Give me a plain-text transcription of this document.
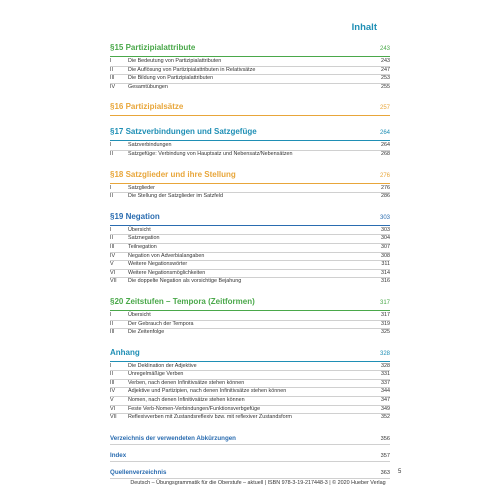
Inhalt
§15 Partizipialattribute	243
I	Die Bedeutung von Partizipialattributen	243
II	Die Auflösung von Partizipialattributen in Relativsätze	247
III	Die Bildung von Partizipialattributen	253
IV	Gesamtübungen	255
§16 Partizipialsätze	257
§17 Satzverbindungen und Satzgefüge	264
I	Satzverbindungen	264
II	Satzgefüge: Verbindung von Hauptsatz und Nebensatz/Nebensätzen	268
§18 Satzglieder und ihre Stellung	276
I	Satzglieder	276
II	Die Stellung der Satzglieder im Satzfeld	286
§19 Negation	303
I	Übersicht	303
II	Satznegation	304
III	Teilnegation	307
IV	Negation von Adverbialangaben	308
V	Weitere Negationswörter	311
VI	Weitere Negationsmöglichkeiten	314
VII	Die doppelte Negation als vorsichtige Bejahung	316
§20 Zeitstufen – Tempora (Zeitformen)	317
I	Übersicht	317
II	Der Gebrauch der Tempora	319
III	Die Zeitenfolge	325
Anhang	328
I	Die Deklination der Adjektive	328
II	Unregelmäßige Verben	331
III	Verben, nach denen Infinitivsätze stehen können	337
IV	Adjektive und Partizipien, nach denen Infinitivsätze stehen können	344
V	Nomen, nach denen Infinitivsätze stehen können	347
VI	Feste Verb-Nomen-Verbindungen/Funktionsverbgefüge	349
VII	Reflexivverben mit Zustandsreflexiv bzw. mit reflexiver Zustandsform	352
Verzeichnis der verwendeten Abkürzungen	356
Index	357
Quellenverzeichnis	363 5
Deutsch – Übungsgrammatik für die Oberstufe – aktuell | ISBN 978-3-19-217448-3 | © 2020 Hueber Verlag
